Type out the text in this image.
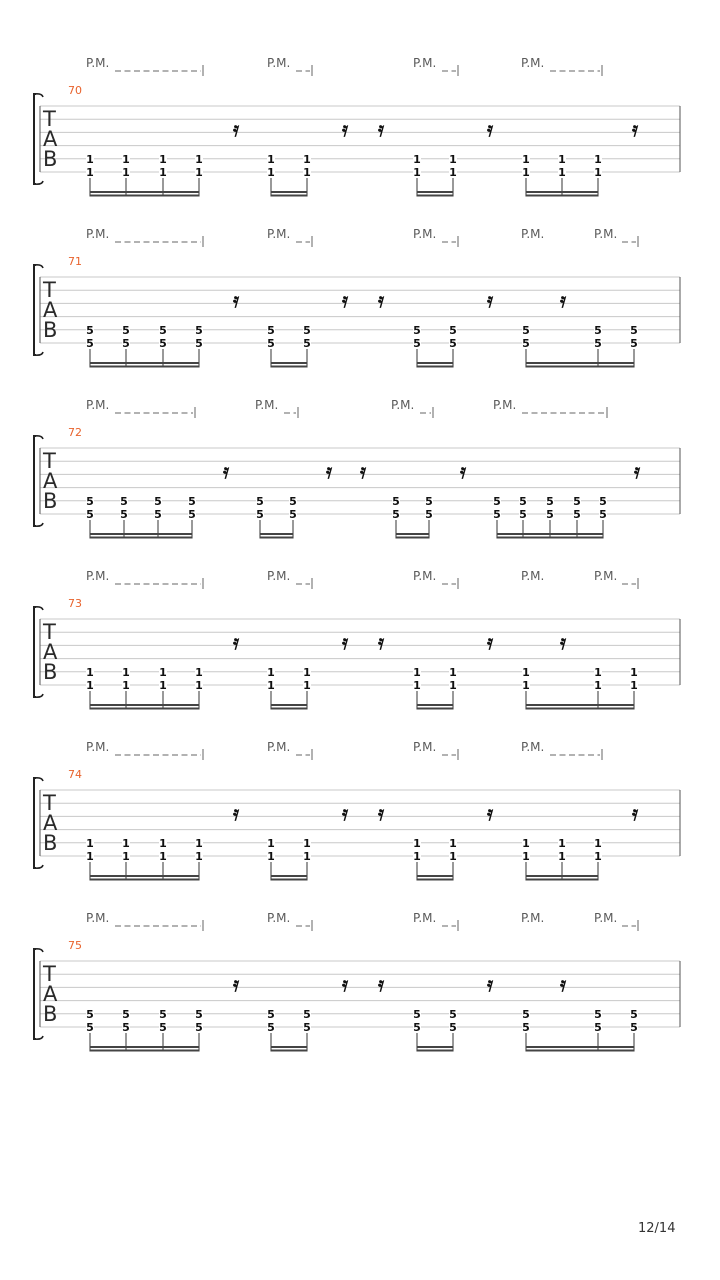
P.M.	P.M.	P.M.	P.M.
70
T
A
B
𝄿	𝄿 𝄿	𝄿	𝄿
1
1
1
1
1
1
1
1
1
1
1
1
1
1
1
1
1
1
1
1
1
1
P.M.	P.M.	P.M.	P.M.	P.M.
71
T
A
B
𝄿	𝄿 𝄿	𝄿	𝄿
5
5
5
5
5
5
5
5
5
5
5
5
5
5
5
5
5
5
5
5
5
5
P.M.	P.M.	P.M.	P.M.
72
T
A
B
𝄿	𝄿 𝄿	𝄿	𝄿
5
5
5
5
5
5
5
5
5
5
5
5
5
5
5
5
5
5
5
5
5
5
5
5
5
5
P.M.	P.M.	P.M.	P.M.	P.M.
73
T
A
B
𝄿	𝄿 𝄿	𝄿	𝄿
1
1
1
1
1
1
1
1
1
1
1
1
1
1
1
1
1
1
1
1
1
1
P.M.	P.M.	P.M.	P.M.
74
T
A
B
𝄿	𝄿 𝄿	𝄿	𝄿
1
1
1
1
1
1
1
1
1
1
1
1
1
1
1
1
1
1
1
1
1
1
P.M.	P.M.	P.M.	P.M.	P.M.
75
T
A
B
𝄿	𝄿 𝄿	𝄿	𝄿
5
5
5
5
5
5
5
5
5
5
5
5
5
5
5
5
5
5
5
5
5
5
12/14
